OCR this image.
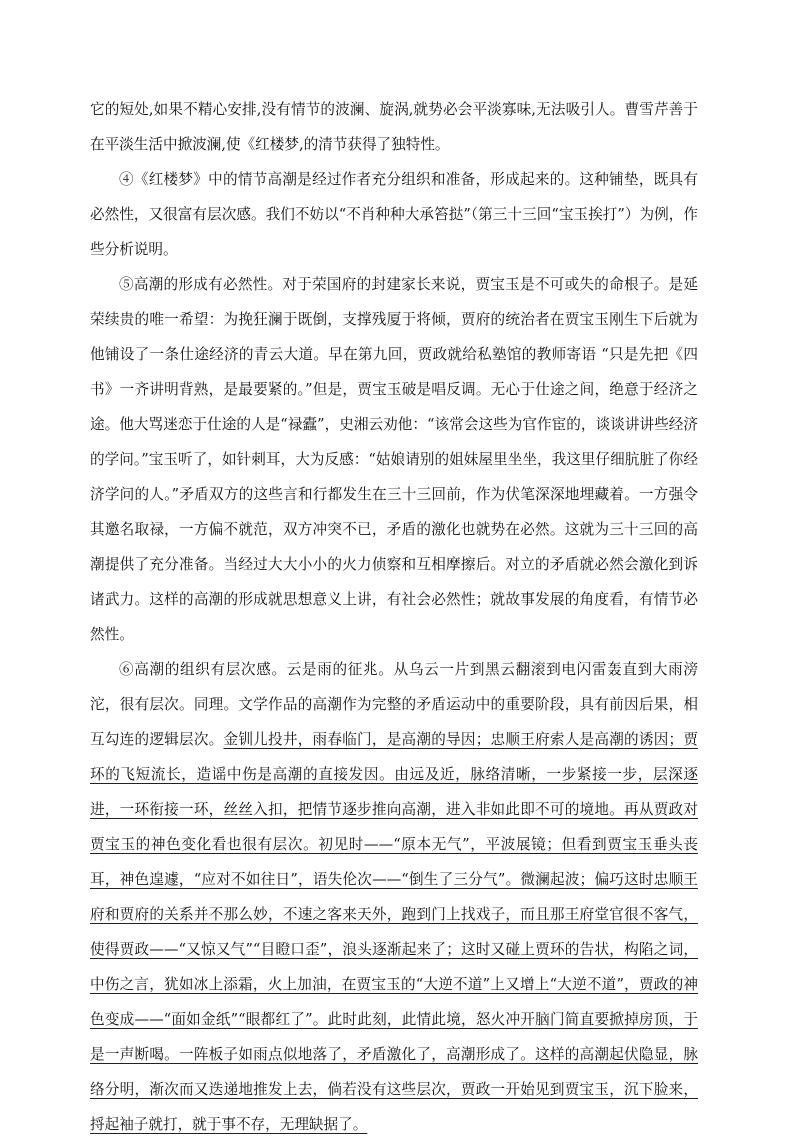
它的短处,如果不精心安排,没有情节的波澜、旋涡,就势必会平淡寡味,无法吸引人。曹雪芹善于在平淡生活中掀波澜,使《红楼梦,的清节获得了独特性。

④《红楼梦》中的情节高潮是经过作者充分组织和准备，形成起来的。这种铺垫，既具有必然性，又很富有层次感。我们不妨以“不肖种种大承笞挞”（第三十三回“宝玉挨打”）为例，作些分析说明。

⑤高潮的形成有必然性。对于荣国府的封建家长来说，贾宝玉是不可或失的命根子。是延荣续贵的唯一希望：为挽狂澜于既倒，支撑残厦于将倾，贾府的统治者在贾宝玉刚生下后就为他铺设了一条仕途经济的青云大道。早在第九回，贾政就给私塾馆的教师寄语 “只是先把《四书》一齐讲明背熟，是最要紧的。”但是，贾宝玉破是唱反调。无心于仕途之间，绝意于经济之途。他大骂迷恋于仕途的人是“禄蠹”，史湘云劝他：“该常会这些为官作宦的，谈谈讲讲些经济的学问。”宝玉听了，如针刺耳，大为反感：“姑娘请别的姐妹屋里坐坐，我这里仔细肮脏了你经济学问的人。”矛盾双方的这些言和行都发生在三十三回前，作为伏笔深深地埋藏着。一方强令其邀名取禄，一方偏不就范，双方冲突不已，矛盾的激化也就势在必然。这就为三十三回的高潮提供了充分准备。当经过大大小小的火力侦察和互相摩擦后。对立的矛盾就必然会激化到诉诸武力。这样的高潮的形成就思想意义上讲，有社会必然性；就故事发展的角度看，有情节必然性。

⑥高潮的组织有层次感。云是雨的征兆。从乌云一片到黑云翻滚到电闪雷轰直到大雨滂沱，很有层次。同理。文学作品的高潮作为完整的矛盾运动中的重要阶段，具有前因后果，相互勾连的逻辑层次。金钏儿投井，雨春临门，是高潮的导因；忠顺王府索人是高潮的诱因；贾环的飞短流长，造谣中伤是高潮的直接发因。由远及近，脉络清晰，一步紧接一步，层深逐进，一环衔接一环，丝丝入扣，把情节逐步推向高潮，进入非如此即不可的境地。再从贾政对贾宝玉的神色变化看也很有层次。初见时——“原本无气”，平波展镜；但看到贾宝玉垂头丧耳，神色遑遽，“应对不如往日”，语失伦次——“倒生了三分气”。微澜起波；偏巧这时忠顺王府和贾府的关系并不那么妙，不速之客来天外，跑到门上找戏子，而且那王府堂官很不客气，使得贾政——“又惊又气”“目瞪口歪”，浪头逐渐起来了；这时又碰上贾环的告状，构陷之词，中伤之言，犹如冰上添霜，火上加油，在贾宝玉的“大逆不道”上又增上“大逆不道”，贾政的神色变成——“面如金纸”“眼都红了”。此时此刻，此情此境，怒火冲开脑门简直要掀掉房顶，于是一声断喝。一阵板子如雨点似地落了，矛盾激化了，高潮形成了。这样的高潮起伏隐显，脉络分明，渐次而又迭递地推发上去，倘若没有这些层次，贾政一开始见到贾宝玉，沉下脸来，捋起袖子就打，就于事不存，无理缺据了。
